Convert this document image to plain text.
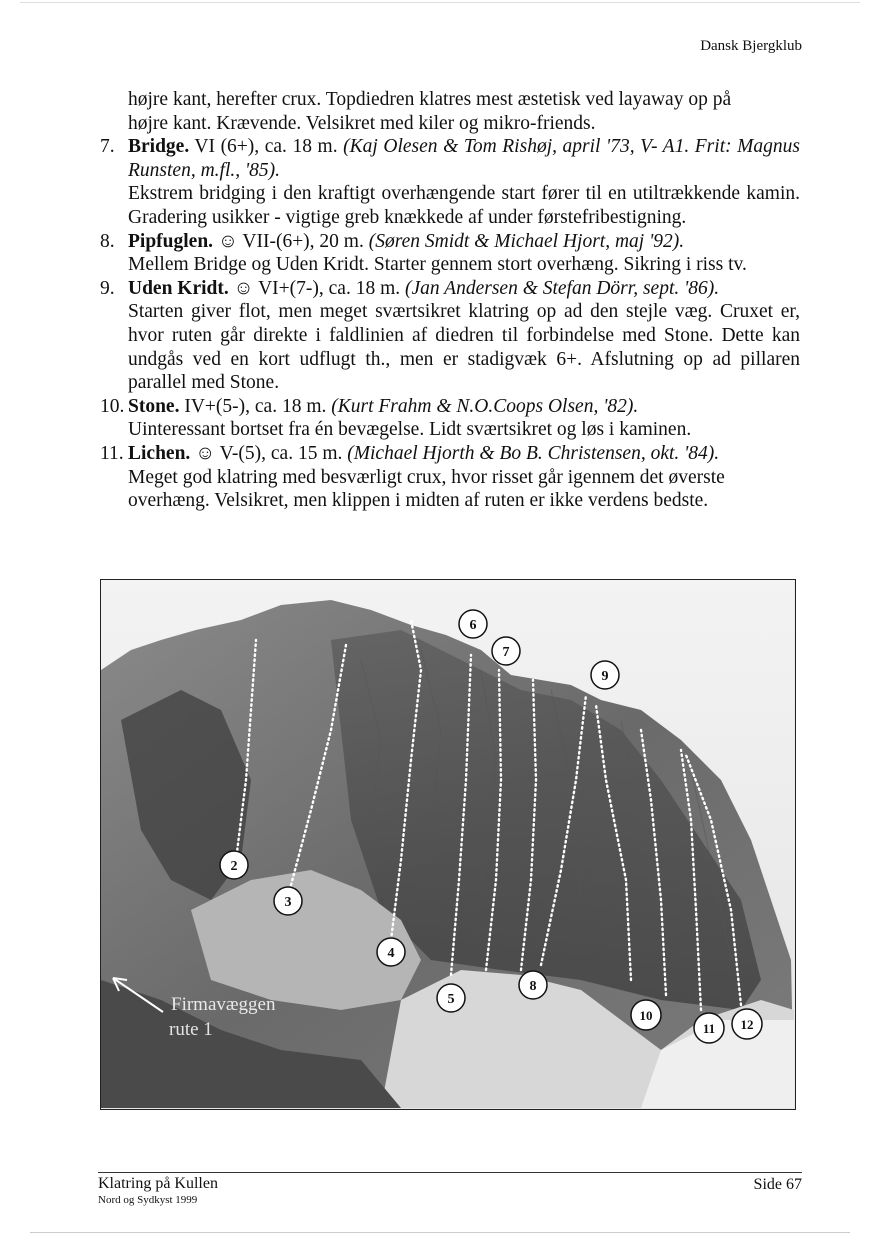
Dansk Bjergklub

højre kant, herefter crux. Topdiedren klatres mest æstetisk ved layaway op på

højre kant. Krævende. Velsikret med kiler og mikro-friends.

7. Bridge. VI (6+), ca. 18 m. (Kaj Olesen & Tom Rishøj, april '73, V- A1. Frit: Magnus Runsten, m.fl., '85).
Ekstrem bridging i den kraftigt overhængende start fører til en utiltrækkende kamin. Gradering usikker - vigtige greb knækkede af under førstefribestigning.
8. Pipfuglen. ☺ VII-(6+), 20 m. (Søren Smidt & Michael Hjort, maj '92).
Mellem Bridge og Uden Kridt. Starter gennem stort overhæng. Sikring i riss tv.
9. Uden Kridt. ☺ VI+(7-), ca. 18 m. (Jan Andersen & Stefan Dörr, sept. '86).
Starten giver flot, men meget sværtsikret klatring op ad den stejle væg. Cruxet er, hvor ruten går direkte i faldlinien af diedren til forbindelse med Stone. Dette kan undgås ved en kort udflugt th., men er stadigvæk 6+. Afslutning op ad pillaren parallel med Stone.
10. Stone. IV+(5-), ca. 18 m. (Kurt Frahm & N.O.Coops Olsen, '82).
Uinteressant bortset fra én bevægelse. Lidt sværtsikret og løs i kaminen.
11. Lichen. ☺ V-(5), ca. 15 m. (Michael Hjorth & Bo B. Christensen, okt. '84).
Meget god klatring med besværligt crux, hvor risset går igennem det øverste overhæng. Velsikret, men klippen i midten af ruten er ikke verdens bedste.
Firmavæggen
rute 1
2
3
4
5
6
7
8
9
10
11 12
Klatring på Kullen
Nord og Sydkyst 1999
Side 67
